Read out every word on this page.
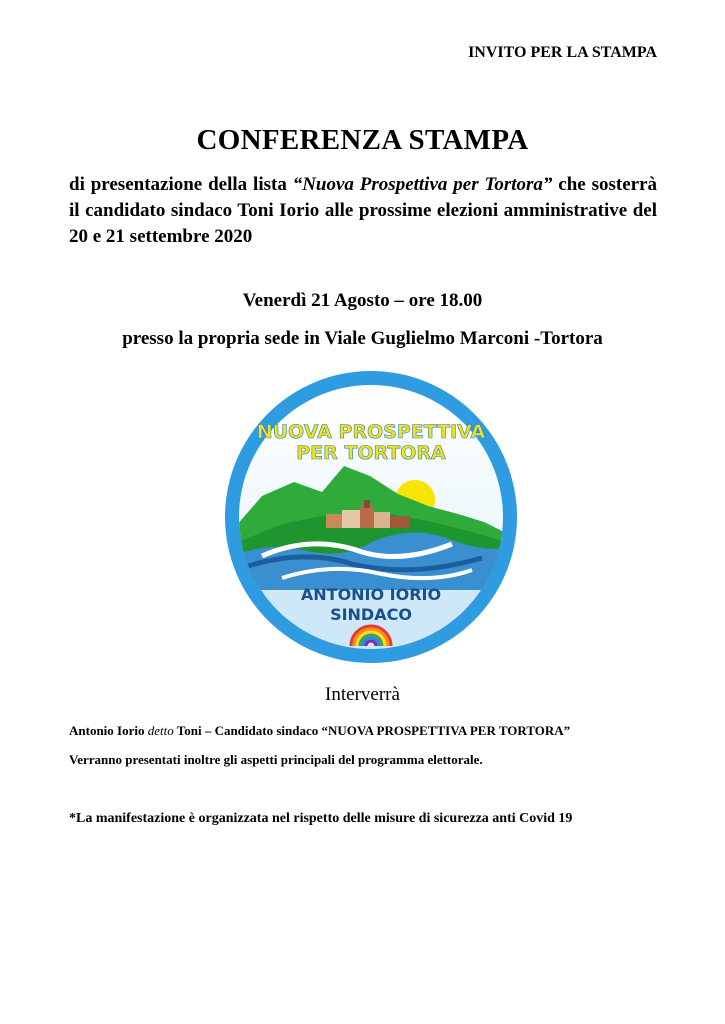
INVITO PER LA STAMPA
CONFERENZA STAMPA
di presentazione della lista “Nuova Prospettiva per Tortora” che sosterrà il candidato sindaco Toni Iorio alle prossime elezioni amministrative del 20 e 21 settembre 2020
Venerdì 21 Agosto – ore 18.00
presso la propria sede in Viale Guglielmo Marconi -Tortora
NUOVA PROSPETTIVA
PER TORTORA
ANTONIO IORIO
SINDACO
Interverrà
Antonio Iorio detto Toni – Candidato sindaco “NUOVA PROSPETTIVA PER TORTORA”
Verranno presentati inoltre gli aspetti principali del programma elettorale.
*La manifestazione è organizzata nel rispetto delle misure di sicurezza anti Covid 19
